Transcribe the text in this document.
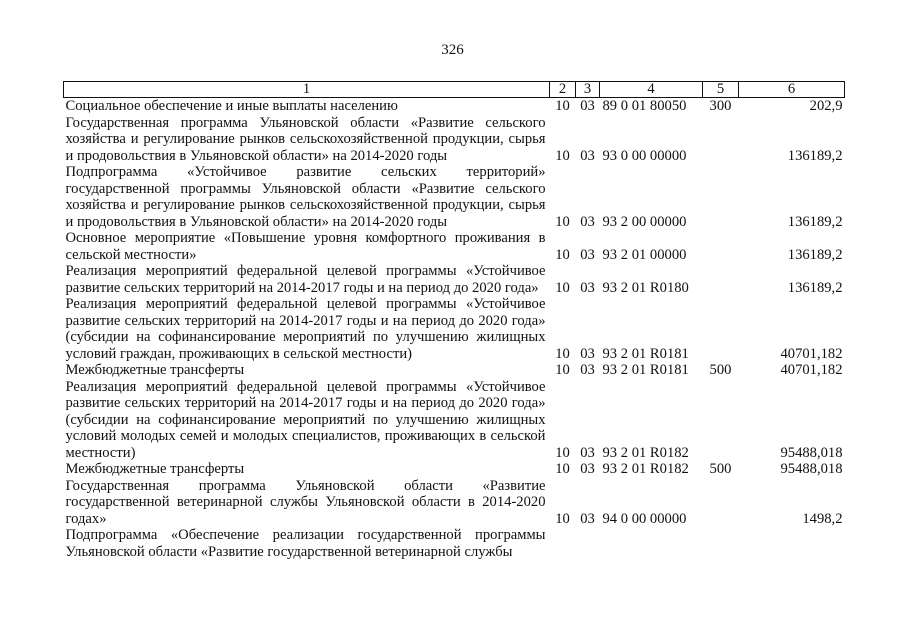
326
1	2	3	4	5	6
Социальное обеспечение и иные выплаты населению	10	03	89 0 01 80050	300	202,9
Государственная программа Ульяновской области «Развитие сельского хозяйства и регулирование рынков сельскохозяйственной продукции, сырья и продовольствия в Ульяновской области» на 2014-2020 годы	10	03	93 0 00 00000		136189,2
Подпрограмма «Устойчивое развитие сельских территорий» государственной программы Ульяновской области «Развитие сельского хозяйства и регулирование рынков сельскохозяйственной продукции, сырья и продовольствия в Ульяновской области» на 2014-2020 годы	10	03	93 2 00 00000		136189,2
Основное мероприятие «Повышение уровня комфортного проживания в сельской местности»	10	03	93 2 01 00000		136189,2
Реализация мероприятий федеральной целевой программы «Устойчивое развитие сельских территорий на 2014-2017 годы и на период до 2020 года»	10	03	93 2 01 R0180		136189,2
Реализация мероприятий федеральной целевой программы «Устойчивое развитие сельских территорий на 2014-2017 годы и на период до 2020 года» (субсидии на софинансирование мероприятий по улучшению жилищных условий граждан, проживающих в сельской местности)	10	03	93 2 01 R0181		40701,182
Межбюджетные трансферты	10	03	93 2 01 R0181	500	40701,182
Реализация мероприятий федеральной целевой программы «Устойчивое развитие сельских территорий на 2014-2017 годы и на период до 2020 года» (субсидии на софинансирование мероприятий по улучшению жилищных условий молодых семей и молодых специалистов, проживающих в сельской местности)	10	03	93 2 01 R0182		95488,018
Межбюджетные трансферты	10	03	93 2 01 R0182	500	95488,018
Государственная программа Ульяновской области «Развитие государственной ветеринарной службы Ульяновской области в 2014-2020 годах»	10	03	94 0 00 00000		1498,2
Подпрограмма «Обеспечение реализации государственной программы Ульяновской области «Развитие государственной ветеринарной службы					
